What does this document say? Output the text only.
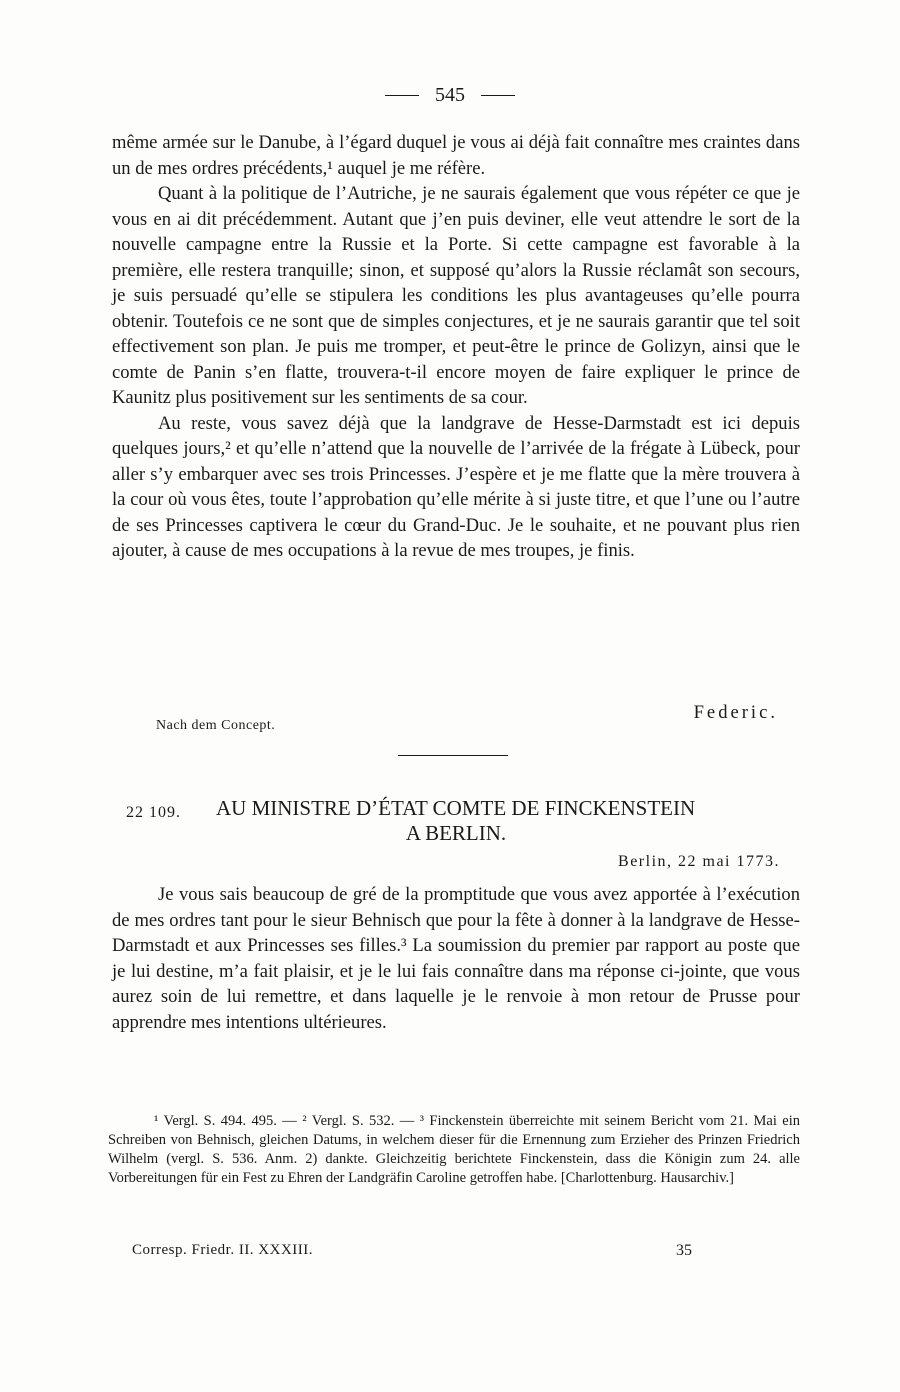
545

même armée sur le Danube, à l’égard duquel je vous ai déjà fait connaître mes craintes dans un de mes ordres précédents,¹ auquel je me réfère.

Quant à la politique de l’Autriche, je ne saurais également que vous répéter ce que je vous en ai dit précédemment. Autant que j’en puis deviner, elle veut attendre le sort de la nouvelle campagne entre la Russie et la Porte. Si cette campagne est favorable à la première, elle restera tranquille; sinon, et supposé qu’alors la Russie réclamât son secours, je suis persuadé qu’elle se stipulera les conditions les plus avantageuses qu’elle pourra obtenir. Toutefois ce ne sont que de simples conjectures, et je ne saurais garantir que tel soit effectivement son plan. Je puis me tromper, et peut-être le prince de Golizyn, ainsi que le comte de Panin s’en flatte, trouvera-t-il encore moyen de faire expliquer le prince de Kaunitz plus positivement sur les sentiments de sa cour.

Au reste, vous savez déjà que la landgrave de Hesse-Darmstadt est ici depuis quelques jours,² et qu’elle n’attend que la nouvelle de l’arrivée de la frégate à Lübeck, pour aller s’y embarquer avec ses trois Princesses. J’espère et je me flatte que la mère trouvera à la cour où vous êtes, toute l’approbation qu’elle mérite à si juste titre, et que l’une ou l’autre de ses Princesses captivera le cœur du Grand-Duc. Je le souhaite, et ne pouvant plus rien ajouter, à cause de mes occupations à la revue de mes troupes, je finis.

Nach dem Concept.
Federic.
22 109. AU MINISTRE D’ÉTAT COMTE DE FINCKENSTEIN
A BERLIN.
Berlin, 22 mai 1773.

Je vous sais beaucoup de gré de la promptitude que vous avez apportée à l’exécution de mes ordres tant pour le sieur Behnisch que pour la fête à donner à la landgrave de Hesse-Darmstadt et aux Princesses ses filles.³ La soumission du premier par rapport au poste que je lui destine, m’a fait plaisir, et je le lui fais connaître dans ma réponse ci-jointe, que vous aurez soin de lui remettre, et dans laquelle je le renvoie à mon retour de Prusse pour apprendre mes intentions ultérieures.

¹ Vergl. S. 494. 495. — ² Vergl. S. 532. — ³ Finckenstein überreichte mit seinem Bericht vom 21. Mai ein Schreiben von Behnisch, gleichen Datums, in welchem dieser für die Ernennung zum Erzieher des Prinzen Friedrich Wilhelm (vergl. S. 536. Anm. 2) dankte. Gleichzeitig berichtete Finckenstein, dass die Königin zum 24. alle Vorbereitungen für ein Fest zu Ehren der Landgräfin Caroline getroffen habe. [Charlottenburg. Hausarchiv.]

Corresp. Friedr. II. XXXIII.	35
